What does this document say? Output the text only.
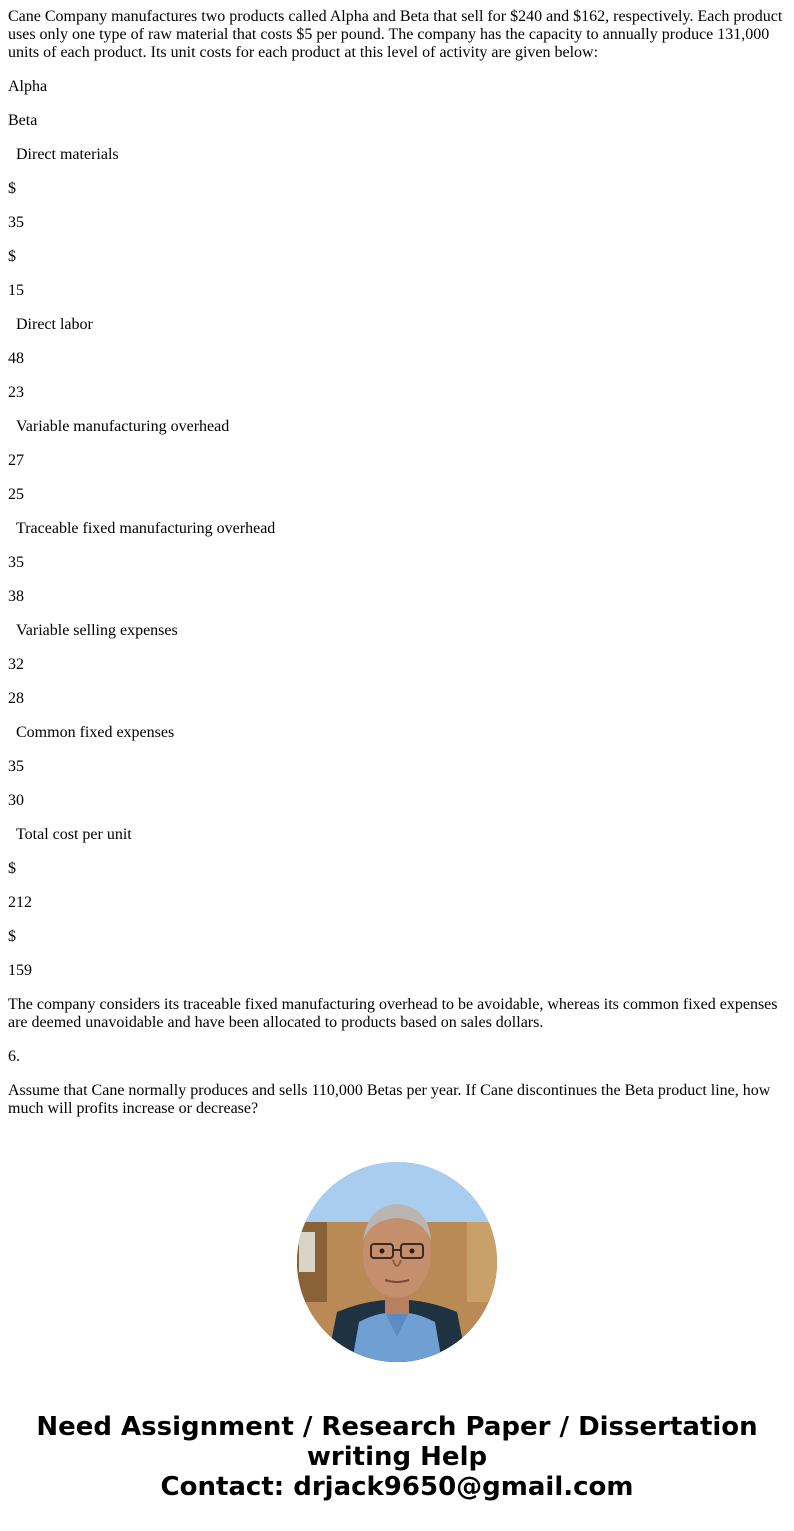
Cane Company manufactures two products called Alpha and Beta that sell for $240 and $162, respectively. Each product uses only one type of raw material that costs $5 per pound. The company has the capacity to annually produce 131,000 units of each product. Its unit costs for each product at this level of activity are given below:

Alpha

Beta

Direct materials

$

35

$

15

Direct labor

48

23

Variable manufacturing overhead

27

25

Traceable fixed manufacturing overhead

35

38

Variable selling expenses

32

28

Common fixed expenses

35

30

Total cost per unit

$

212

$

159

The company considers its traceable fixed manufacturing overhead to be avoidable, whereas its common fixed expenses are deemed unavoidable and have been allocated to products based on sales dollars.

6.

Assume that Cane normally produces and sells 110,000 Betas per year. If Cane discontinues the Beta product line, how much will profits increase or decrease?

Need Assignment / Research Paper / Dissertation
writing Help
Contact: drjack9650@gmail.com
